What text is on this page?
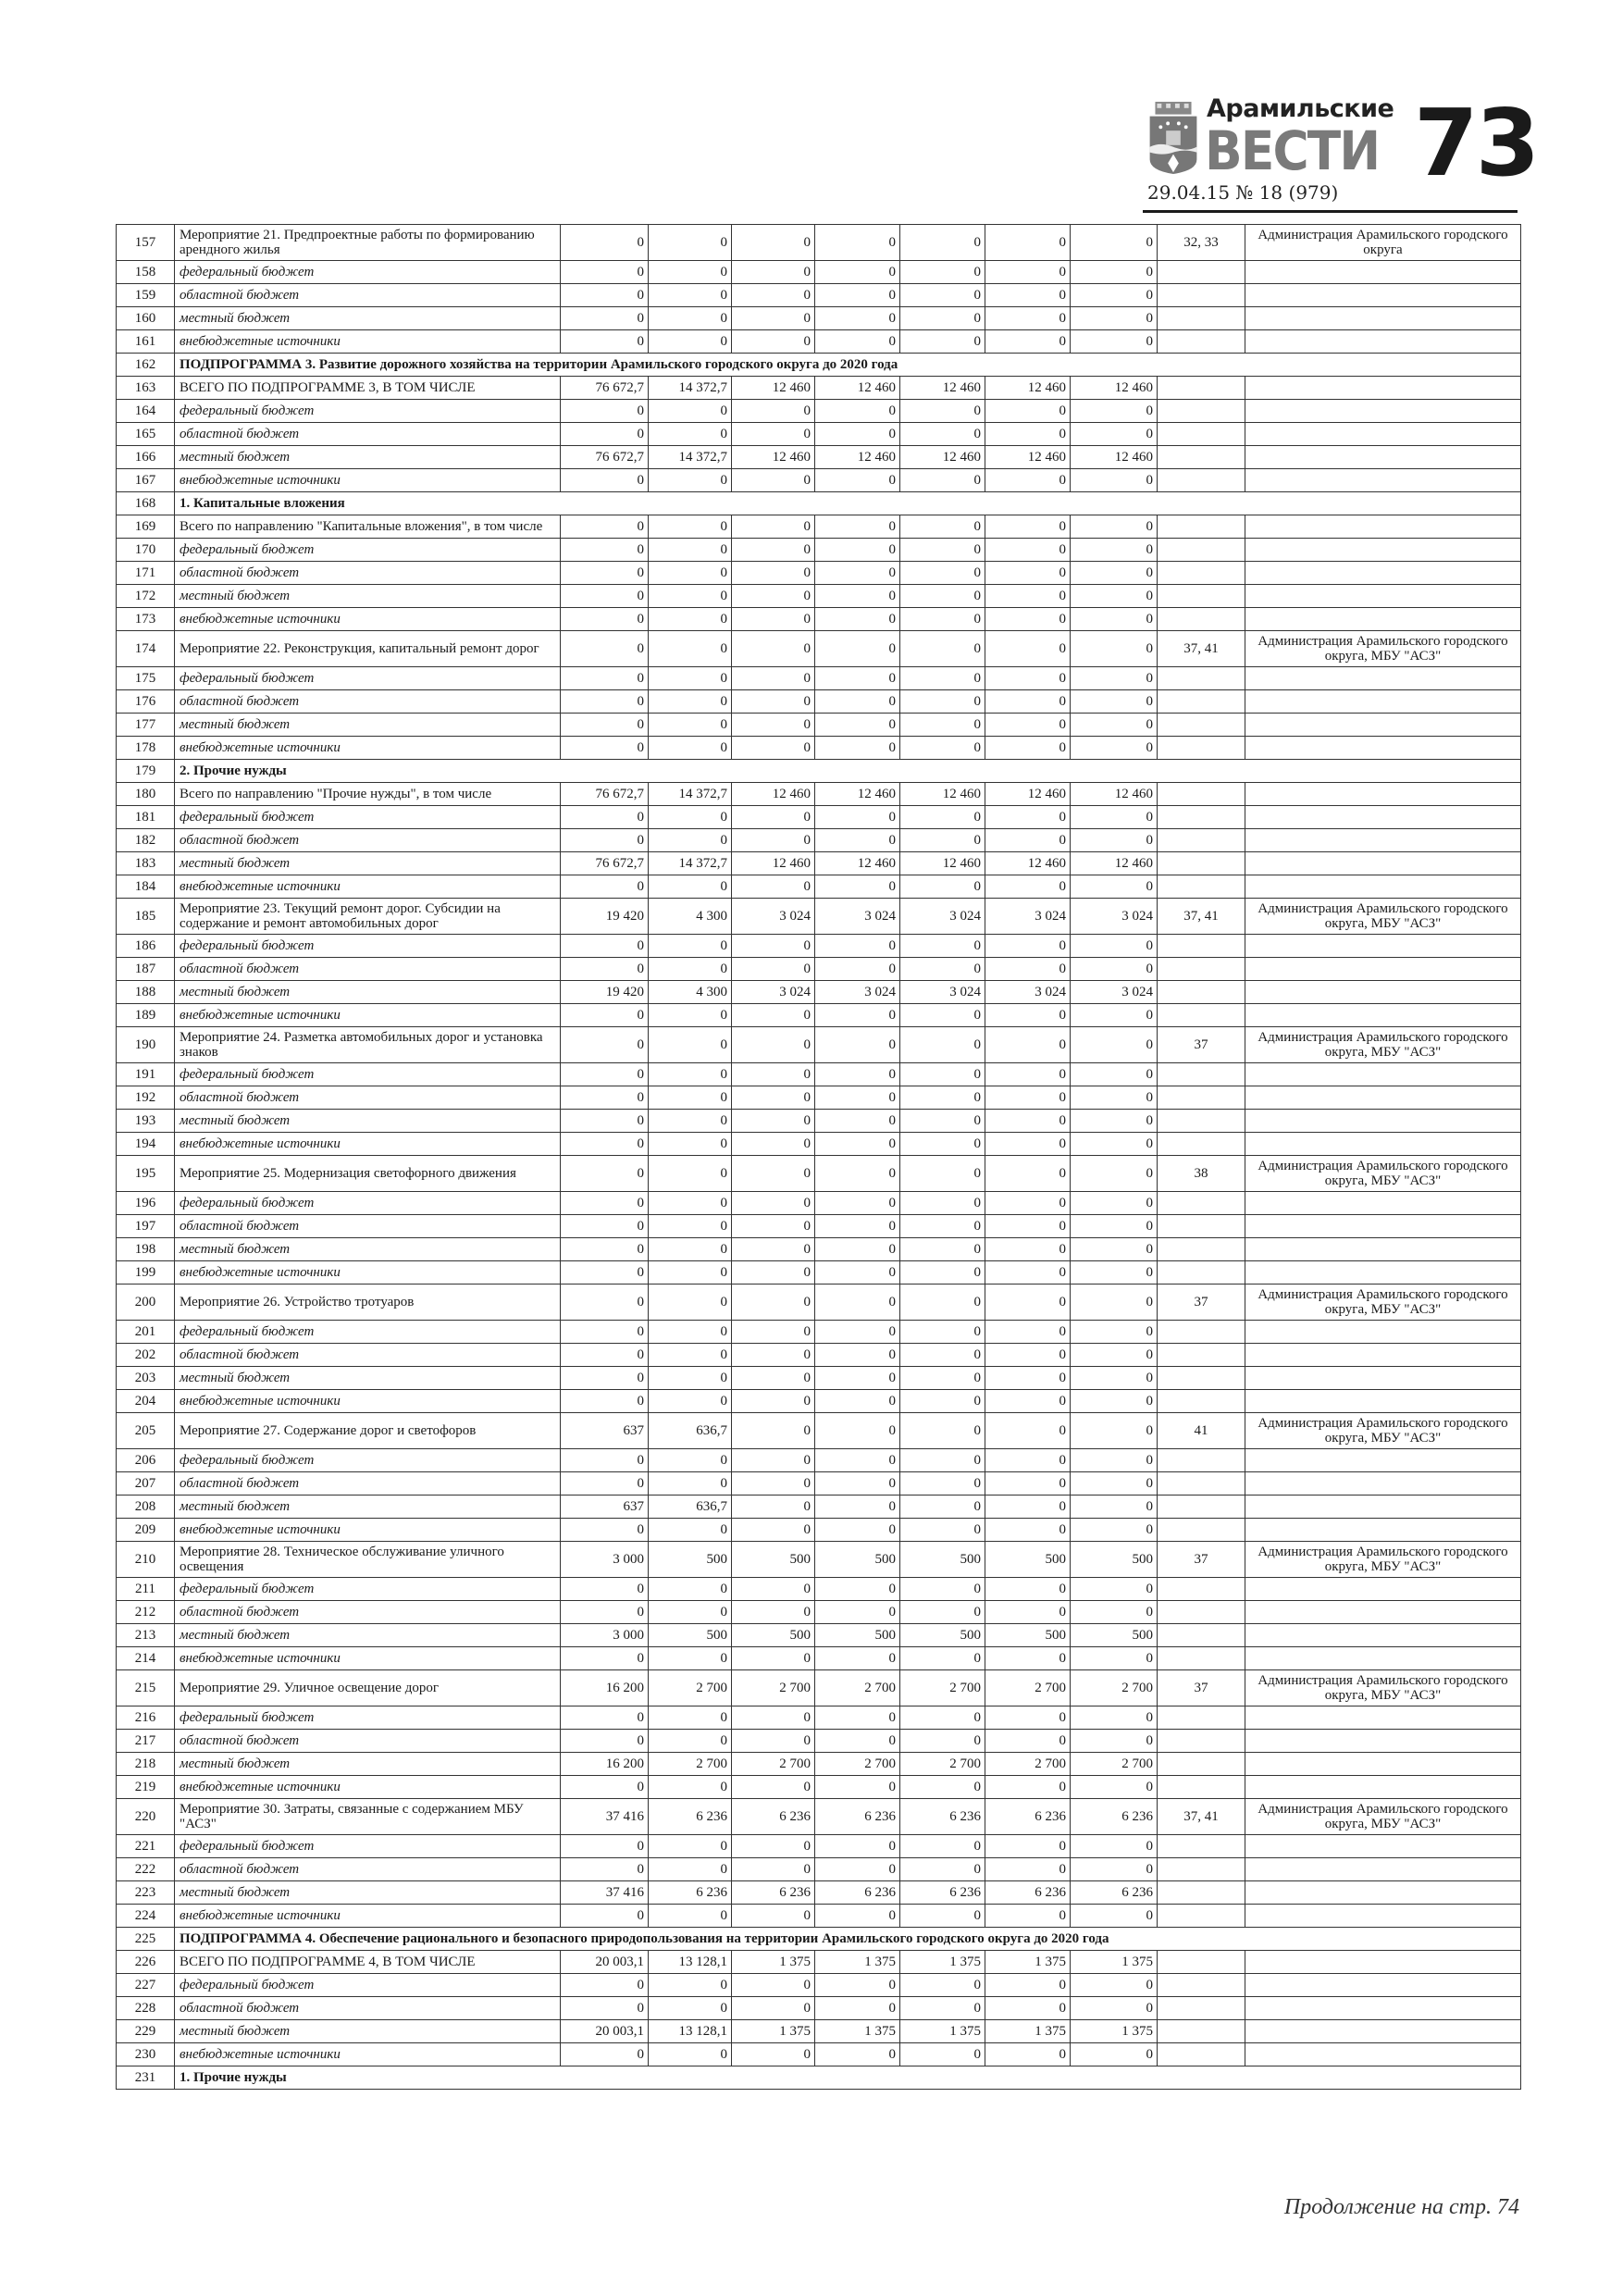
Арамильские
ВЕСТИ
29.04.15 № 18 (979) 73
157	Мероприятие 21. Предпроектные работы по формированию арендного жилья	0	0	0	0	0	0	0	32, 33	Администрация Арамильского городского округа
158	федеральный бюджет	0	0	0	0	0	0	0		
159	областной бюджет	0	0	0	0	0	0	0		
160	местный бюджет	0	0	0	0	0	0	0		
161	внебюджетные источники	0	0	0	0	0	0	0		
162	ПОДПРОГРАММА 3. Развитие дорожного хозяйства на территории Арамильского городского округа до 2020 года									
163	ВСЕГО ПО ПОДПРОГРАММЕ 3, В ТОМ ЧИСЛЕ	76 672,7	14 372,7	12 460	12 460	12 460	12 460	12 460		
164	федеральный бюджет	0	0	0	0	0	0	0		
165	областной бюджет	0	0	0	0	0	0	0		
166	местный бюджет	76 672,7	14 372,7	12 460	12 460	12 460	12 460	12 460		
167	внебюджетные источники	0	0	0	0	0	0	0		
168	1. Капитальные вложения									
169	Всего по направлению "Капитальные вложения", в том числе	0	0	0	0	0	0	0		
170	федеральный бюджет	0	0	0	0	0	0	0		
171	областной бюджет	0	0	0	0	0	0	0		
172	местный бюджет	0	0	0	0	0	0	0		
173	внебюджетные источники	0	0	0	0	0	0	0		
174	Мероприятие 22. Реконструкция, капитальный ремонт дорог	0	0	0	0	0	0	0	37, 41	Администрация Арамильского городского округа, МБУ "АСЗ"
175	федеральный бюджет	0	0	0	0	0	0	0		
176	областной бюджет	0	0	0	0	0	0	0		
177	местный бюджет	0	0	0	0	0	0	0		
178	внебюджетные источники	0	0	0	0	0	0	0		
179	2. Прочие нужды									
180	Всего по направлению "Прочие нужды", в том числе	76 672,7	14 372,7	12 460	12 460	12 460	12 460	12 460		
181	федеральный бюджет	0	0	0	0	0	0	0		
182	областной бюджет	0	0	0	0	0	0	0		
183	местный бюджет	76 672,7	14 372,7	12 460	12 460	12 460	12 460	12 460		
184	внебюджетные источники	0	0	0	0	0	0	0		
185	Мероприятие 23. Текущий ремонт дорог. Субсидии на содержание и ремонт автомобильных дорог	19 420	4 300	3 024	3 024	3 024	3 024	3 024	37, 41	Администрация Арамильского городского округа, МБУ "АСЗ"
186	федеральный бюджет	0	0	0	0	0	0	0		
187	областной бюджет	0	0	0	0	0	0	0		
188	местный бюджет	19 420	4 300	3 024	3 024	3 024	3 024	3 024		
189	внебюджетные источники	0	0	0	0	0	0	0		
190	Мероприятие 24. Разметка автомобильных дорог и установка знаков	0	0	0	0	0	0	0	37	Администрация Арамильского городского округа, МБУ "АСЗ"
191	федеральный бюджет	0	0	0	0	0	0	0		
192	областной бюджет	0	0	0	0	0	0	0		
193	местный бюджет	0	0	0	0	0	0	0		
194	внебюджетные источники	0	0	0	0	0	0	0		
195	Мероприятие 25. Модернизация светофорного движения	0	0	0	0	0	0	0	38	Администрация Арамильского городского округа, МБУ "АСЗ"
196	федеральный бюджет	0	0	0	0	0	0	0		
197	областной бюджет	0	0	0	0	0	0	0		
198	местный бюджет	0	0	0	0	0	0	0		
199	внебюджетные источники	0	0	0	0	0	0	0		
200	Мероприятие 26. Устройство тротуаров	0	0	0	0	0	0	0	37	Администрация Арамильского городского округа, МБУ "АСЗ"
201	федеральный бюджет	0	0	0	0	0	0	0		
202	областной бюджет	0	0	0	0	0	0	0		
203	местный бюджет	0	0	0	0	0	0	0		
204	внебюджетные источники	0	0	0	0	0	0	0		
205	Мероприятие 27. Содержание дорог и светофоров	637	636,7	0	0	0	0	0	41	Администрация Арамильского городского округа, МБУ "АСЗ"
206	федеральный бюджет	0	0	0	0	0	0	0		
207	областной бюджет	0	0	0	0	0	0	0		
208	местный бюджет	637	636,7	0	0	0	0	0		
209	внебюджетные источники	0	0	0	0	0	0	0		
210	Мероприятие 28. Техническое обслуживание уличного освещения	3 000	500	500	500	500	500	500	37	Администрация Арамильского городского округа, МБУ "АСЗ"
211	федеральный бюджет	0	0	0	0	0	0	0		
212	областной бюджет	0	0	0	0	0	0	0		
213	местный бюджет	3 000	500	500	500	500	500	500		
214	внебюджетные источники	0	0	0	0	0	0	0		
215	Мероприятие 29. Уличное освещение дорог	16 200	2 700	2 700	2 700	2 700	2 700	2 700	37	Администрация Арамильского городского округа, МБУ "АСЗ"
216	федеральный бюджет	0	0	0	0	0	0	0		
217	областной бюджет	0	0	0	0	0	0	0		
218	местный бюджет	16 200	2 700	2 700	2 700	2 700	2 700	2 700		
219	внебюджетные источники	0	0	0	0	0	0	0		
220	Мероприятие 30. Затраты, связанные с содержанием МБУ "АСЗ"	37 416	6 236	6 236	6 236	6 236	6 236	6 236	37, 41	Администрация Арамильского городского округа, МБУ "АСЗ"
221	федеральный бюджет	0	0	0	0	0	0	0		
222	областной бюджет	0	0	0	0	0	0	0		
223	местный бюджет	37 416	6 236	6 236	6 236	6 236	6 236	6 236		
224	внебюджетные источники	0	0	0	0	0	0	0		
225	ПОДПРОГРАММА 4. Обеспечение рационального и безопасного природопользования на территории Арамильского городского округа до 2020 года									
226	ВСЕГО ПО ПОДПРОГРАММЕ 4, В ТОМ ЧИСЛЕ	20 003,1	13 128,1	1 375	1 375	1 375	1 375	1 375		
227	федеральный бюджет	0	0	0	0	0	0	0		
228	областной бюджет	0	0	0	0	0	0	0		
229	местный бюджет	20 003,1	13 128,1	1 375	1 375	1 375	1 375	1 375		
230	внебюджетные источники	0	0	0	0	0	0	0		
231	1. Прочие нужды									
Продолжение на стр. 74
